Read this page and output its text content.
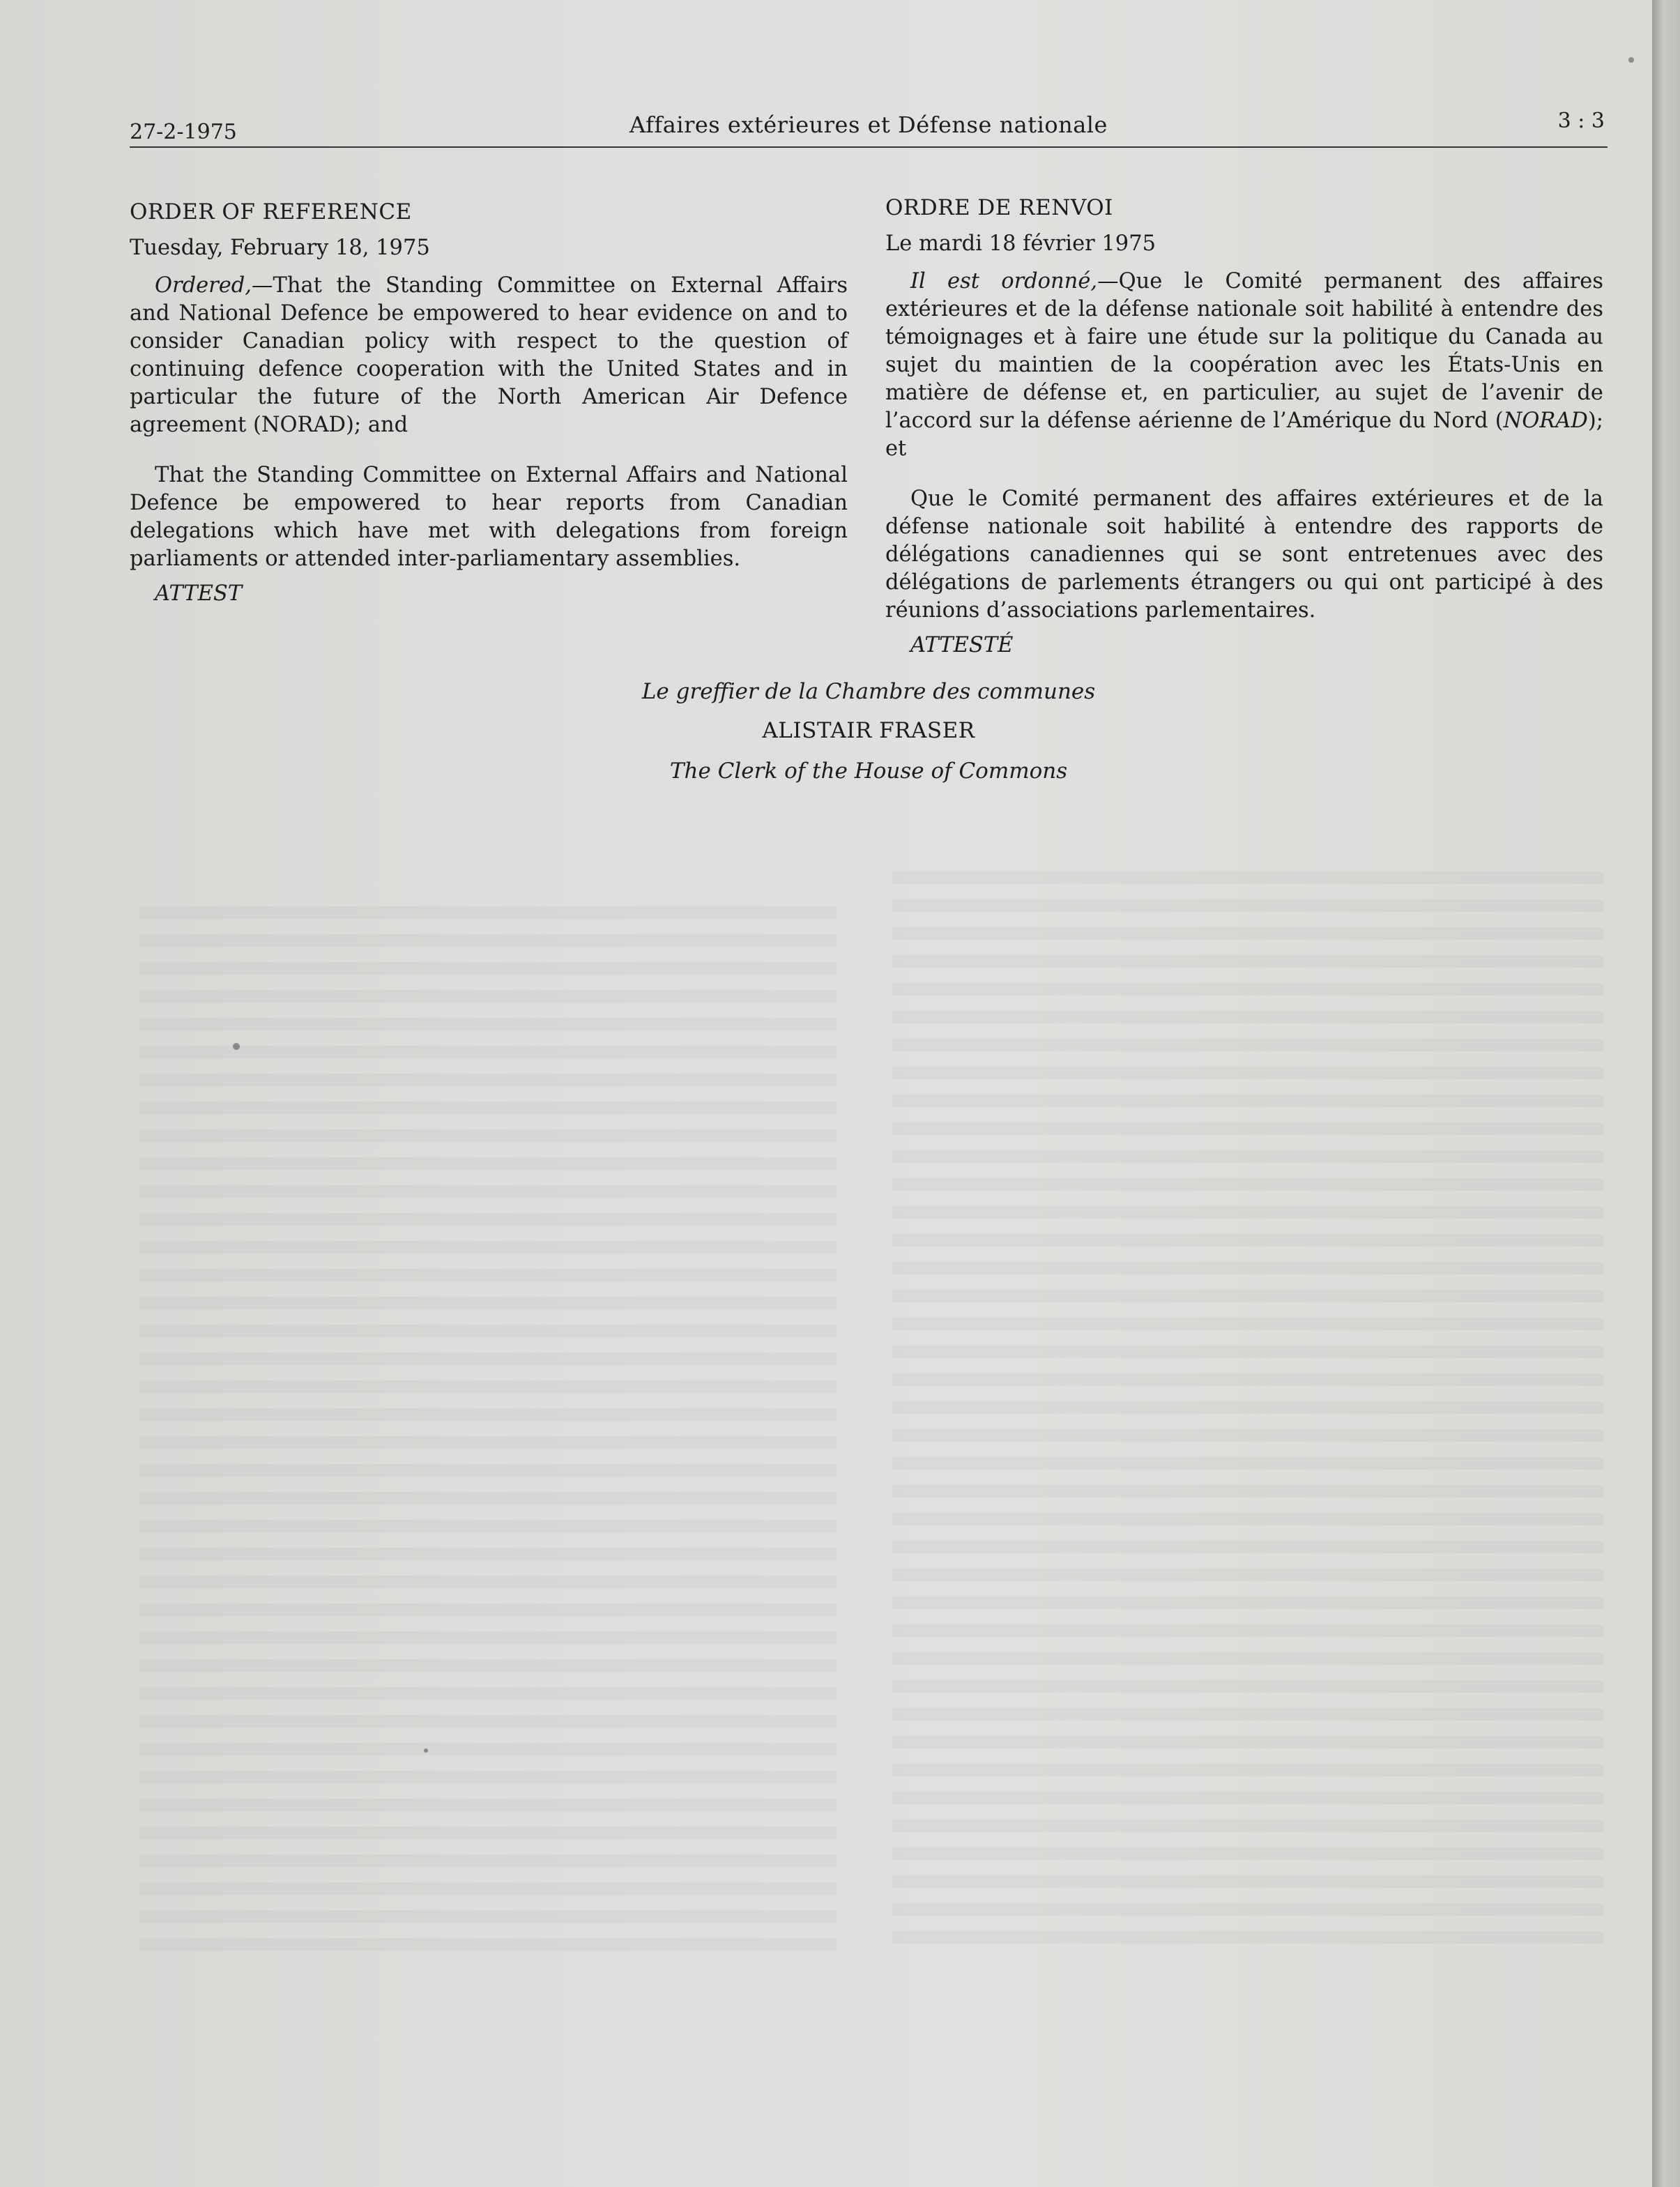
27-2-1975	Affaires extérieures et Défense nationale	3 : 3
ORDER OF REFERENCE
Tuesday, February 18, 1975

Ordered,—That the Standing Committee on External Affairs and National Defence be empowered to hear evidence on and to consider Canadian policy with respect to the question of continuing defence cooperation with the United States and in particular the future of the North American Air Defence agreement (NORAD); and

That the Standing Committee on External Affairs and National Defence be empowered to hear reports from Canadian delegations which have met with delegations from foreign parliaments or attended inter-parliamentary assemblies.

ATTEST
ORDRE DE RENVOI
Le mardi 18 février 1975

Il est ordonné,—Que le Comité permanent des affaires extérieures et de la défense nationale soit habilité à entendre des témoignages et à faire une étude sur la politique du Canada au sujet du maintien de la coopération avec les États-Unis en matière de défense et, en particulier, au sujet de l’avenir de l’accord sur la défense aérienne de l’Amérique du Nord (NORAD); et

Que le Comité permanent des affaires extérieures et de la défense nationale soit habilité à entendre des rapports de délégations canadiennes qui se sont entretenues avec des délégations de parlements étrangers ou qui ont participé à des réunions d’associations parlementaires.

ATTESTÉ
Le greffier de la Chambre des communes
ALISTAIR FRASER
The Clerk of the House of Commons
